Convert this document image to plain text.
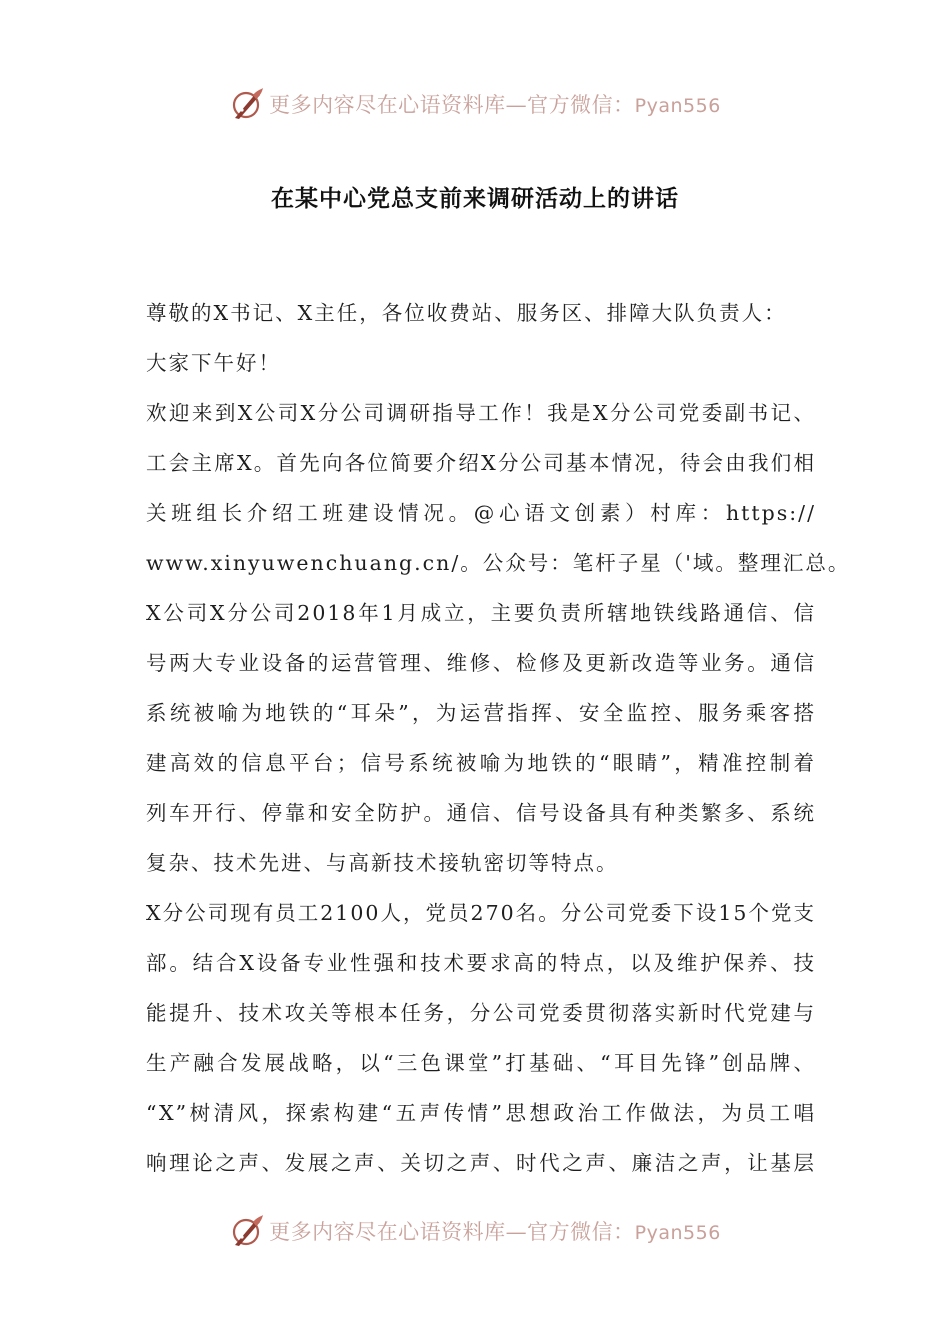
更多内容尽在心语资料库—官方微信：Pyan556
在某中心党总支前来调研活动上的讲话
尊敬的X书记、X主任，各位收费站、服务区、排障大队负责人：
大家下午好！
欢迎来到X公司X分公司调研指导工作！我是X分公司党委副书记、
工会主席X。首先向各位简要介绍X分公司基本情况，待会由我们相
关班组长介绍工班建设情况。@心语文创素）村库：https://
www.xinyuwenchuang.cn/。公众号：笔杆子星（'域。整理汇总。
X公司X分公司2018年1月成立，主要负责所辖地铁线路通信、信
号两大专业设备的运营管理、维修、检修及更新改造等业务。通信
系统被喻为地铁的“耳朵”，为运营指挥、安全监控、服务乘客搭
建高效的信息平台；信号系统被喻为地铁的“眼睛”，精准控制着
列车开行、停靠和安全防护。通信、信号设备具有种类繁多、系统
复杂、技术先进、与高新技术接轨密切等特点。
X分公司现有员工2100人，党员270名。分公司党委下设15个党支
部。结合X设备专业性强和技术要求高的特点，以及维护保养、技
能提升、技术攻关等根本任务，分公司党委贯彻落实新时代党建与
生产融合发展战略，以“三色课堂”打基础、“耳目先锋”创品牌、
“X”树清风，探索构建“五声传情”思想政治工作做法，为员工唱
响理论之声、发展之声、关切之声、时代之声、廉洁之声，让基层
更多内容尽在心语资料库—官方微信：Pyan556
